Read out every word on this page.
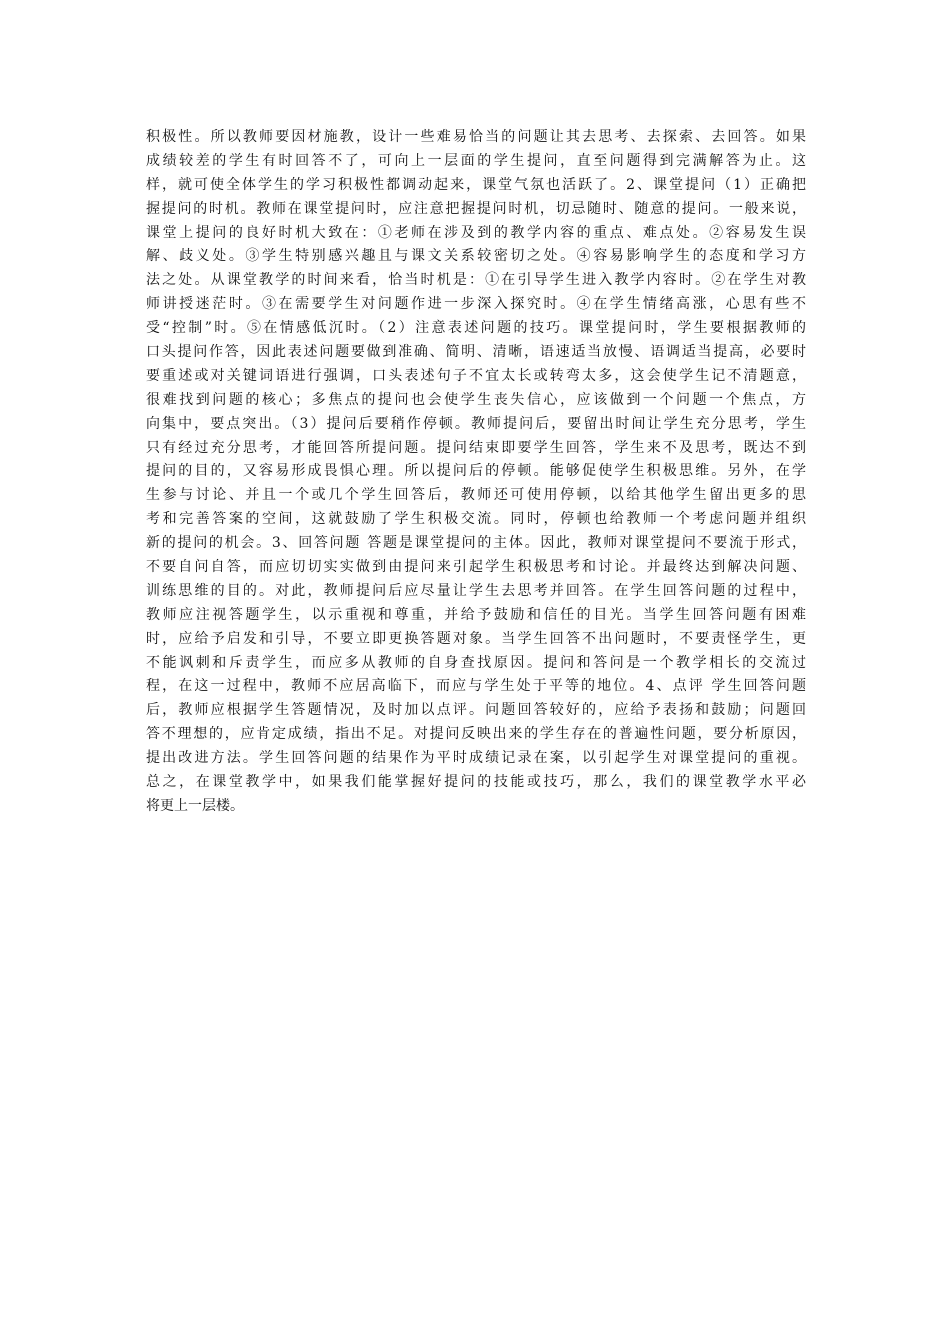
积极性。所以教师要因材施教，设计一些难易恰当的问题让其去思考、去探索、去回答。如果
成绩较差的学生有时回答不了，可向上一层面的学生提问，直至问题得到完满解答为止。这
样，就可使全体学生的学习积极性都调动起来，课堂气氛也活跃了。2、课堂提问（1）正确把
握提问的时机。教师在课堂提问时，应注意把握提问时机，切忌随时、随意的提问。一般来说，
课堂上提问的良好时机大致在：①老师在涉及到的教学内容的重点、难点处。②容易发生误
解、歧义处。③学生特别感兴趣且与课文关系较密切之处。④容易影响学生的态度和学习方
法之处。从课堂教学的时间来看，恰当时机是：①在引导学生进入教学内容时。②在学生对教
师讲授迷茫时。③在需要学生对问题作进一步深入探究时。④在学生情绪高涨，心思有些不
受“控制”时。⑤在情感低沉时。（2）注意表述问题的技巧。课堂提问时，学生要根据教师的
口头提问作答，因此表述问题要做到准确、简明、清晰，语速适当放慢、语调适当提高，必要时
要重述或对关键词语进行强调，口头表述句子不宜太长或转弯太多，这会使学生记不清题意，
很难找到问题的核心；多焦点的提问也会使学生丧失信心，应该做到一个问题一个焦点，方
向集中，要点突出。（3）提问后要稍作停顿。教师提问后，要留出时间让学生充分思考，学生
只有经过充分思考，才能回答所提问题。提问结束即要学生回答，学生来不及思考，既达不到
提问的目的，又容易形成畏惧心理。所以提问后的停顿。能够促使学生积极思维。另外，在学
生参与讨论、并且一个或几个学生回答后，教师还可使用停顿，以给其他学生留出更多的思
考和完善答案的空间，这就鼓励了学生积极交流。同时，停顿也给教师一个考虑问题并组织
新的提问的机会。3、回答问题 答题是课堂提问的主体。因此，教师对课堂提问不要流于形式，
不要自问自答，而应切切实实做到由提问来引起学生积极思考和讨论。并最终达到解决问题、
训练思维的目的。对此，教师提问后应尽量让学生去思考并回答。在学生回答问题的过程中，
教师应注视答题学生，以示重视和尊重，并给予鼓励和信任的目光。当学生回答问题有困难
时，应给予启发和引导，不要立即更换答题对象。当学生回答不出问题时，不要责怪学生，更
不能讽刺和斥责学生，而应多从教师的自身查找原因。提问和答问是一个教学相长的交流过
程，在这一过程中，教师不应居高临下，而应与学生处于平等的地位。4、点评 学生回答问题
后，教师应根据学生答题情况，及时加以点评。问题回答较好的，应给予表扬和鼓励；问题回
答不理想的，应肯定成绩，指出不足。对提问反映出来的学生存在的普遍性问题，要分析原因，
提出改进方法。学生回答问题的结果作为平时成绩记录在案，以引起学生对课堂提问的重视。
总之，在课堂教学中，如果我们能掌握好提问的技能或技巧，那么，我们的课堂教学水平必
将更上一层楼。
